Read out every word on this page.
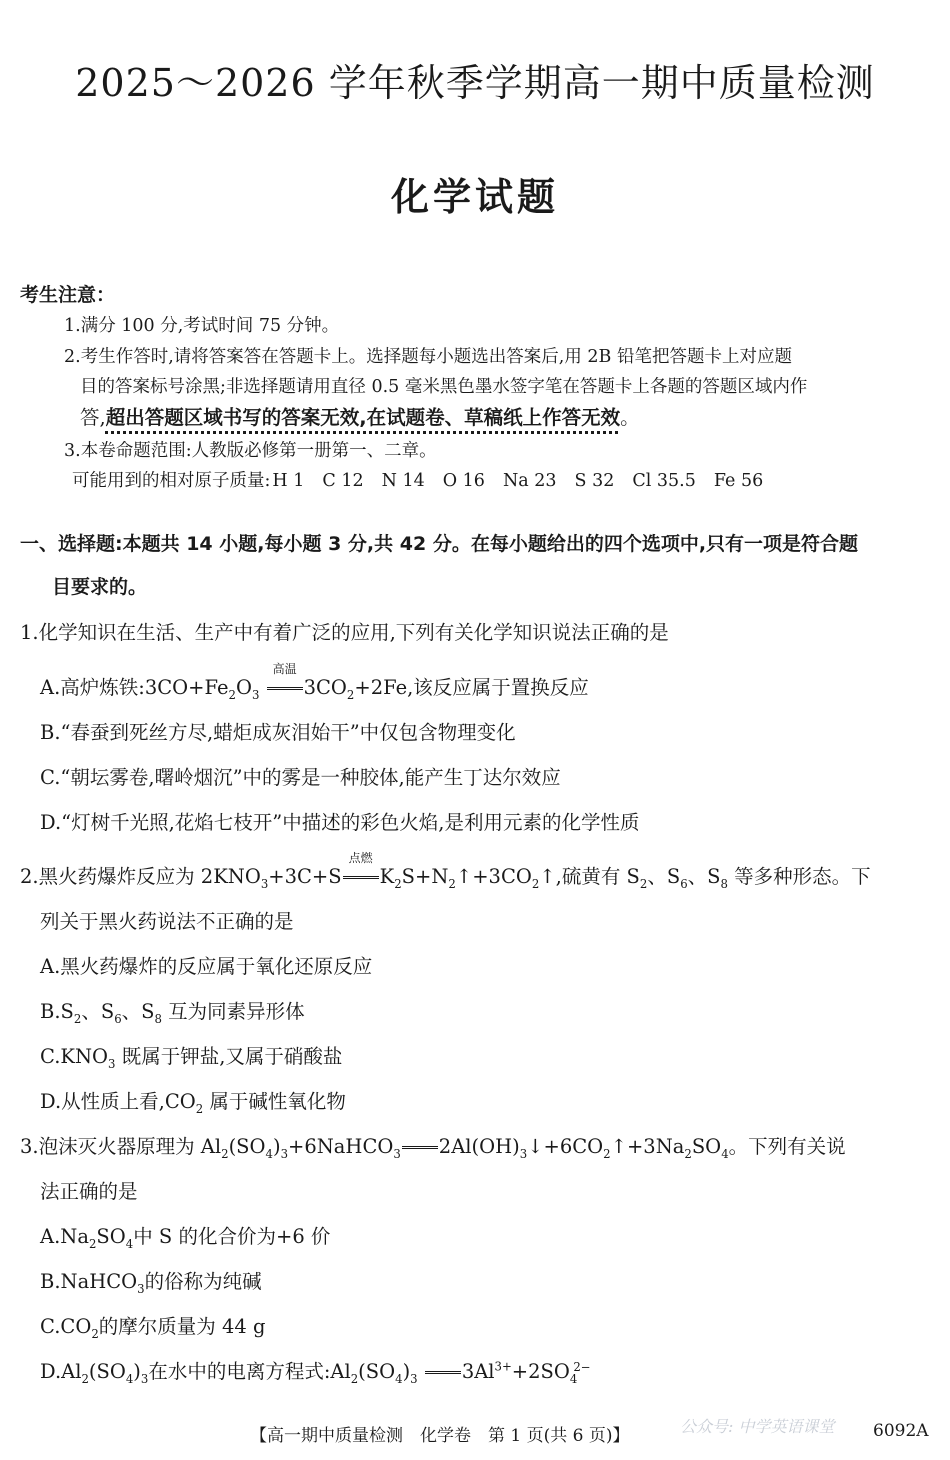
2025～2026 学年秋季学期高一期中质量检测
化学试题
考生注意：
1.满分 100 分,考试时间 75 分钟。
2.考生作答时,请将答案答在答题卡上。选择题每小题选出答案后,用 2B 铅笔把答题卡上对应题
目的答案标号涂黑;非选择题请用直径 0.5 毫米黑色墨水签字笔在答题卡上各题的答题区域内作
答,超出答题区域书写的答案无效,在试题卷、草稿纸上作答无效。
3.本卷命题范围:人教版必修第一册第一、二章。
可能用到的相对原子质量: H 1 C 12 N 14 O 16 Na 23 S 32 Cl 35.5 Fe 56
一、选择题:本题共 14 小题,每小题 3 分,共 42 分。在每小题给出的四个选项中,只有一项是符合题
目要求的。
1.化学知识在生活、生产中有着广泛的应用,下列有关化学知识说法正确的是
A.高炉炼铁$:3CO+Fe_2O_3$
高温
$3CO_2+2Fe$,该反应属于置换反应
B.“春蚕到死丝方尽,蜡炬成灰泪始干”中仅包含物理变化
C.“朝坛雾卷,曙岭烟沉”中的雾是一种胶体,能产生丁达尔效应
D.“灯树千光照,花焰七枝开”中描述的彩色火焰,是利用元素的化学性质
2.黑火药爆炸反应为 $2KNO_3+3C+S$
点燃
$K_2S+N_2↑+3CO_2↑$,硫黄有 $S_2$、$S_6$、$S_8$ 等多种形态。下
列关于黑火药说法不正确的是
A.黑火药爆炸的反应属于氧化还原反应
$B.S_2$、$S_6$、$S_8$ 互为同素异形体
$C.KNO_3$ 既属于钾盐,又属于硝酸盐
D.从性质上看$,CO_2$ 属于碱性氧化物
3.泡沫灭火器原理为 $Al_2(SO_4)_3+6NaHCO_3$ $2Al(OH)_3↓+6CO_2↑+3Na_2SO_4$。下列有关说
法正确的是
$A.Na_2SO_4$中 S 的化合价为+6 价
B.NaHCO$_3$的俗称为纯碱
$C.CO_2$的摩尔质量为 44 g
$D.Al_2(SO_4)_3$在水中的电离方程式$:Al_2(SO_4)_3$ $3Al^{3+}+2SO_4^{2-}$
公众号: 中学英语课堂
【高一期中质量检测　化学卷　第 1 页(共 6 页)】	6092A
